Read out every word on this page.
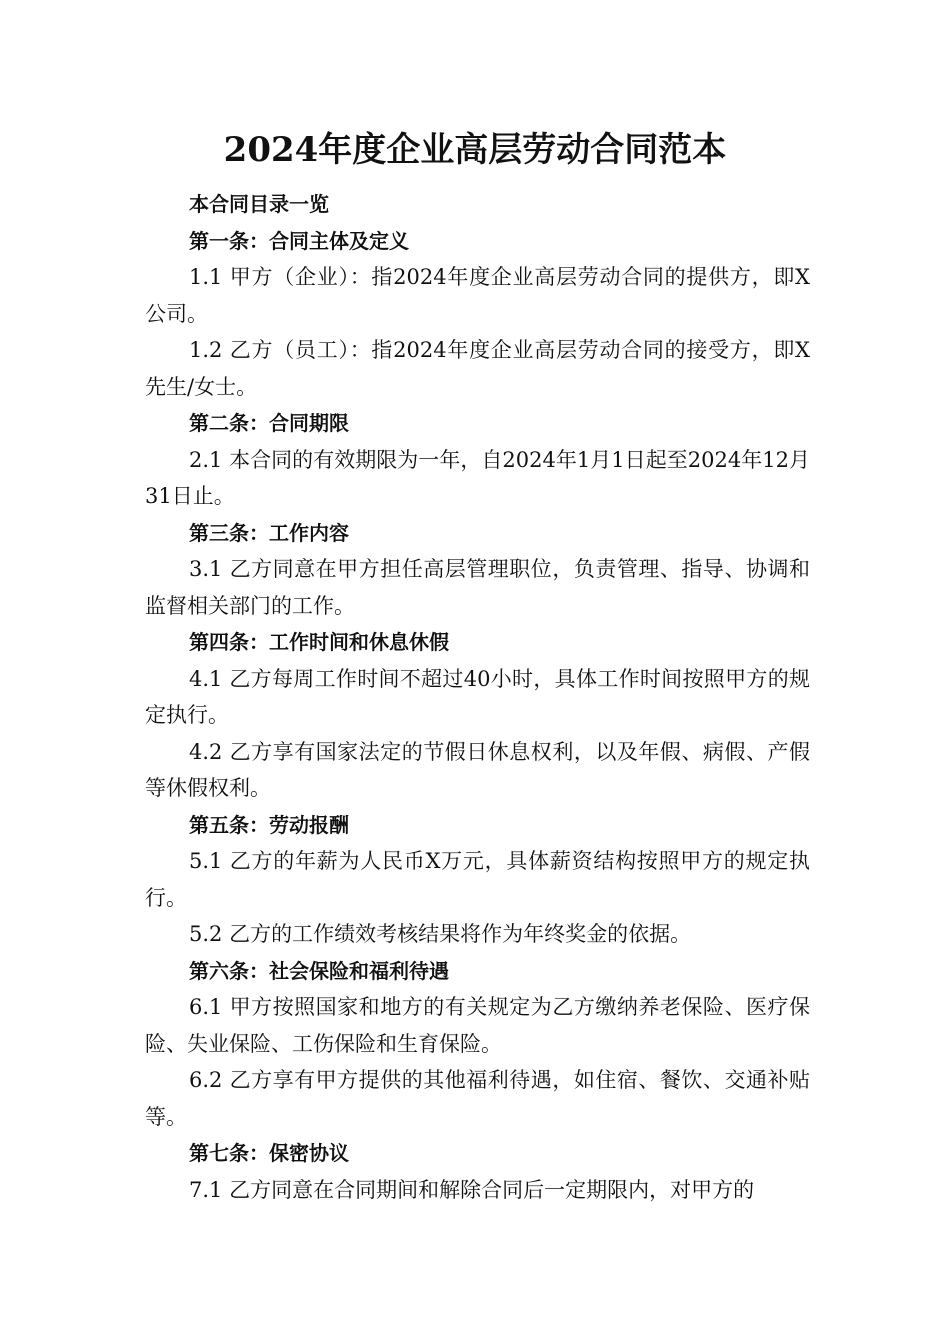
2024年度企业高层劳动合同范本
本合同目录一览
第一条：合同主体及定义
1.1 甲方（企业）：指2024年度企业高层劳动合同的提供方，即X公司。
1.2 乙方（员工）：指2024年度企业高层劳动合同的接受方，即X先生/女士。
第二条：合同期限
2.1 本合同的有效期限为一年，自2024年1月1日起至2024年12月31日止。
第三条：工作内容
3.1 乙方同意在甲方担任高层管理职位，负责管理、指导、协调和监督相关部门的工作。
第四条：工作时间和休息休假
4.1 乙方每周工作时间不超过40小时，具体工作时间按照甲方的规定执行。
4.2 乙方享有国家法定的节假日休息权利，以及年假、病假、产假等休假权利。
第五条：劳动报酬
5.1 乙方的年薪为人民币X万元，具体薪资结构按照甲方的规定执行。
5.2 乙方的工作绩效考核结果将作为年终奖金的依据。
第六条：社会保险和福利待遇
6.1 甲方按照国家和地方的有关规定为乙方缴纳养老保险、医疗保险、失业保险、工伤保险和生育保险。
6.2 乙方享有甲方提供的其他福利待遇，如住宿、餐饮、交通补贴等。
第七条：保密协议
7.1 乙方同意在合同期间和解除合同后一定期限内，对甲方的
